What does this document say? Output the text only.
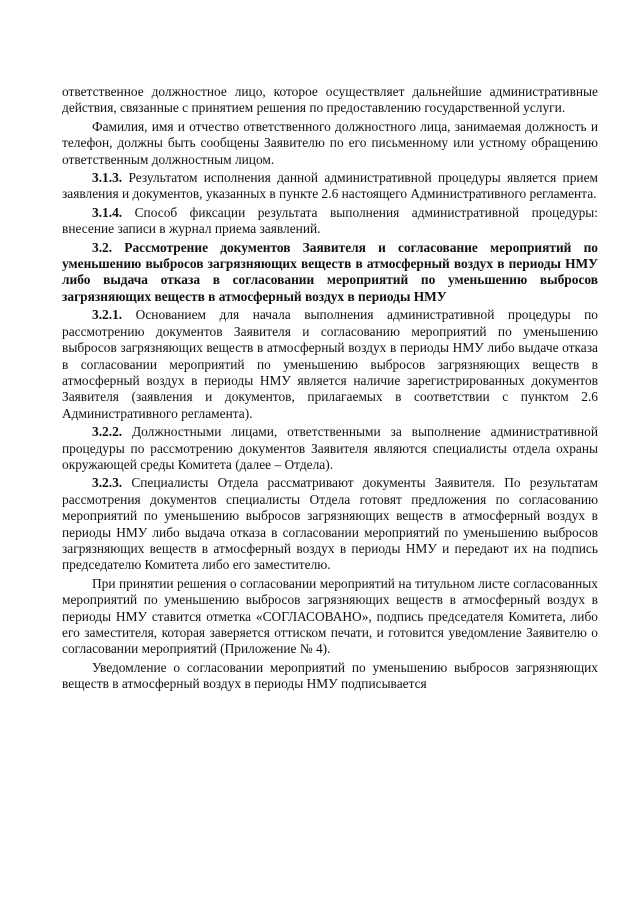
ответственное должностное лицо, которое осуществляет дальнейшие административные действия, связанные с принятием решения по предоставлению государственной услуги.

Фамилия, имя и отчество ответственного должностного лица, занимаемая должность и телефон, должны быть сообщены Заявителю по его письменному или устному обращению ответственным должностным лицом.

3.1.3. Результатом исполнения данной административной процедуры является прием заявления и документов, указанных в пункте 2.6 настоящего Административного регламента.

3.1.4. Способ фиксации результата выполнения административной процедуры: внесение записи в журнал приема заявлений.

3.2. Рассмотрение документов Заявителя и согласование мероприятий по уменьшению выбросов загрязняющих веществ в атмосферный воздух в периоды НМУ либо выдача отказа в согласовании мероприятий по уменьшению выбросов загрязняющих веществ в атмосферный воздух в периоды НМУ

3.2.1. Основанием для начала выполнения административной процедуры по рассмотрению документов Заявителя и согласованию мероприятий по уменьшению выбросов загрязняющих веществ в атмосферный воздух в периоды НМУ либо выдаче отказа в согласовании мероприятий по уменьшению выбросов загрязняющих веществ в атмосферный воздух в периоды НМУ является наличие зарегистрированных документов Заявителя (заявления и документов, прилагаемых в соответствии с пунктом 2.6 Административного регламента).

3.2.2. Должностными лицами, ответственными за выполнение административной процедуры по рассмотрению документов Заявителя являются специалисты отдела охраны окружающей среды Комитета (далее – Отдела).

3.2.3. Специалисты Отдела рассматривают документы Заявителя. По результатам рассмотрения документов специалисты Отдела готовят предложения по согласованию мероприятий по уменьшению выбросов загрязняющих веществ в атмосферный воздух в периоды НМУ либо выдача отказа в согласовании мероприятий по уменьшению выбросов загрязняющих веществ в атмосферный воздух в периоды НМУ и передают их на подпись председателю Комитета либо его заместителю.

При принятии решения о согласовании мероприятий на титульном листе согласованных мероприятий по уменьшению выбросов загрязняющих веществ в атмосферный воздух в периоды НМУ ставится отметка «СОГЛАСОВАНО», подпись председателя Комитета, либо его заместителя, которая заверяется оттиском печати, и готовится уведомление Заявителю о согласовании мероприятий (Приложение № 4).

Уведомление о согласовании мероприятий по уменьшению выбросов загрязняющих веществ в атмосферный воздух в периоды НМУ подписывается
